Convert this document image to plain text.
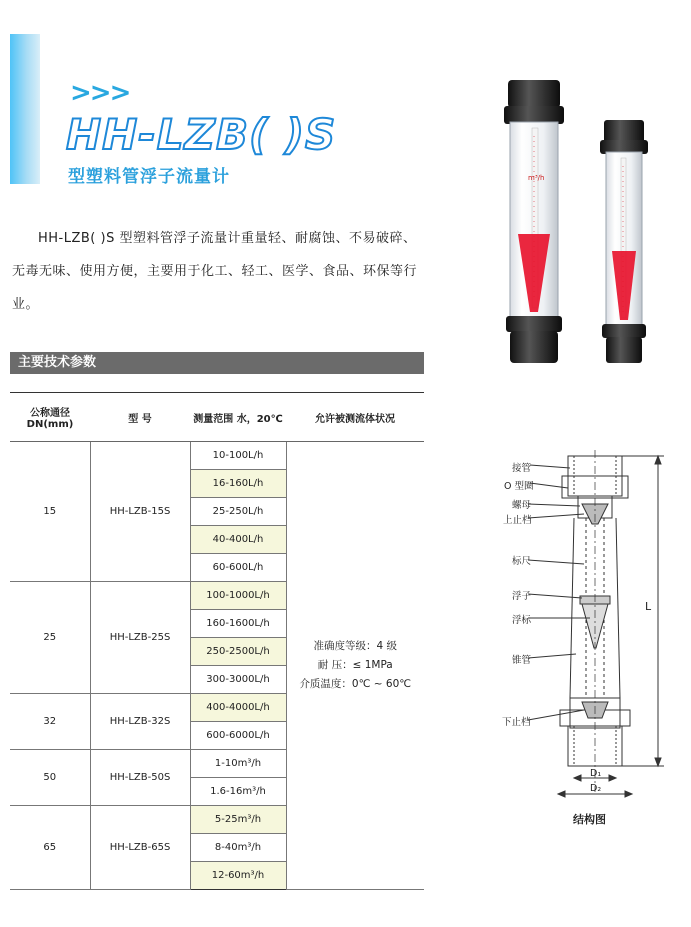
>>>
HH-LZB( )S
型塑料管浮子流量计
HH-LZB( )S 型塑料管浮子流量计重量轻、耐腐蚀、不易破碎、无毒无味、使用方便，主要用于化工、轻工、医学、食品、环保等行业。
主要技术参数
公称通径DN(mm)	型 号	测量范围 水，20℃	允许被测流体状况
15	HH-LZB-15S	10-100L/h	准确度等级：4 级
耐 压：≤ 1MPa
介质温度：0℃ ~ 60℃

		16-160L/h	
		25-250L/h	
		40-400L/h	
		60-600L/h	
25	HH-LZB-25S	100-1000L/h	
		160-1600L/h	
		250-2500L/h	
		300-3000L/h	
32	HH-LZB-32S	400-4000L/h	
		600-6000L/h	
50	HH-LZB-50S	1-10m³/h	
		1.6-16m³/h	
65	HH-LZB-65S	5-25m³/h	
		8-40m³/h	
		12-60m³/h	
m³/h
接管
O 型圈
螺母
上止档
标尺
浮子
浮标
锥管
下止档
L
D₁
D₂
结构图
